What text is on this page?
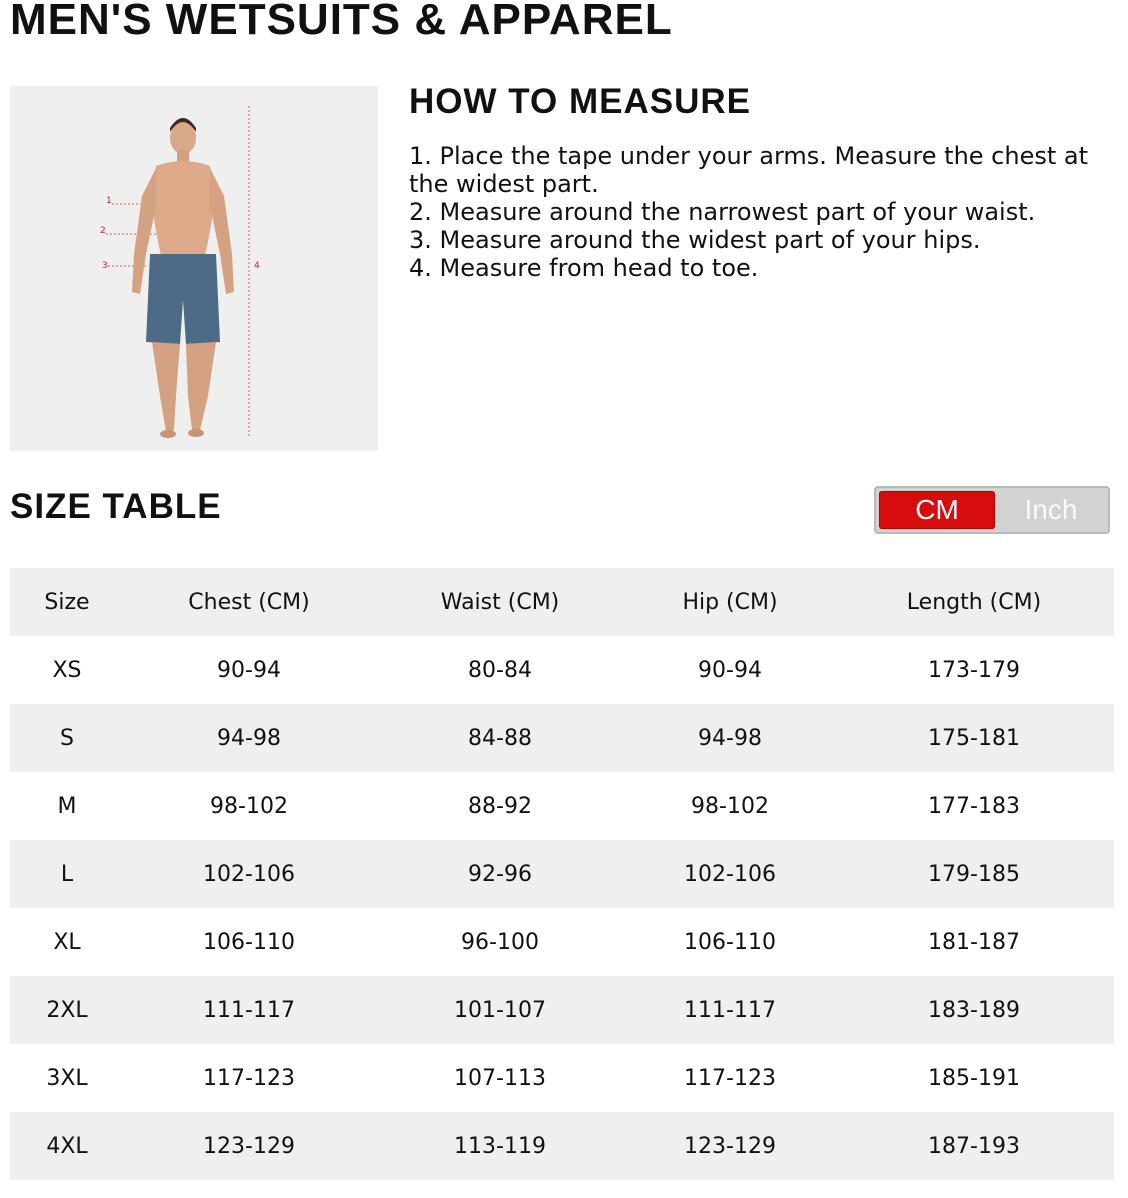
MEN'S WETSUITS & APPAREL
1
2
3	4
HOW TO MEASURE
1. Place the tape under your arms. Measure the chest at the widest part.
2. Measure around the narrowest part of your waist.
3. Measure around the widest part of your hips.
4. Measure from head to toe.
SIZE TABLE	CM	Inch
Size	Chest (CM)	Waist (CM)	Hip (CM)	Length (CM)
XS	90-94	80-84	90-94	173-179
S	94-98	84-88	94-98	175-181
M	98-102	88-92	98-102	177-183
L	102-106	92-96	102-106	179-185
XL	106-110	96-100	106-110	181-187
2XL	111-117	101-107	111-117	183-189
3XL	117-123	107-113	117-123	185-191
4XL	123-129	113-119	123-129	187-193
